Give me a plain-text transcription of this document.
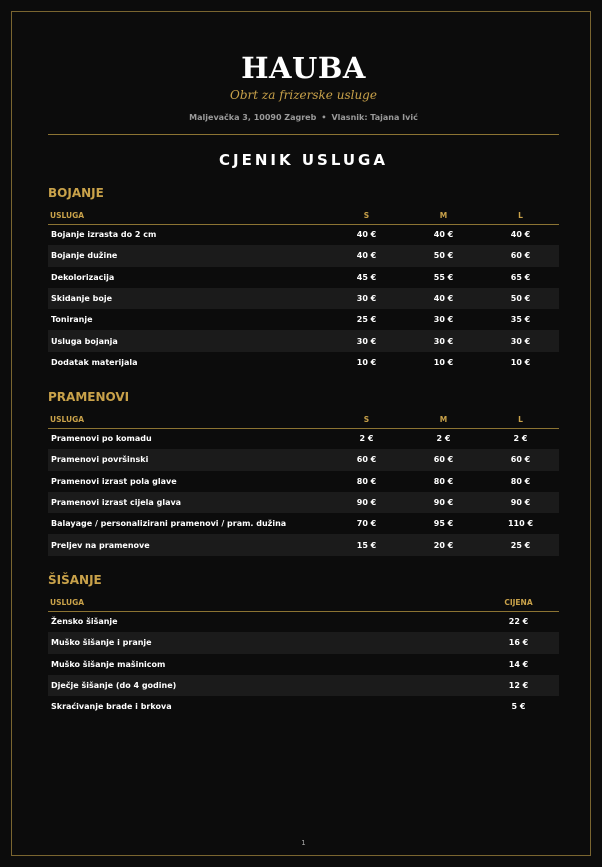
HAUBA
Obrt za frizerske usluge
Maljevačka 3, 10090 Zagreb • Vlasnik: Tajana Ivić
CJENIK USLUGA
BOJANJE
USLUGA	S	M	L
Bojanje izrasta do 2 cm	40 €	40 €	40 €
Bojanje dužine	40 €	50 €	60 €
Dekolorizacija	45 €	55 €	65 €
Skidanje boje	30 €	40 €	50 €
Toniranje	25 €	30 €	35 €
Usluga bojanja	30 €	30 €	30 €
Dodatak materijala	10 €	10 €	10 €
PRAMENOVI
USLUGA	S	M	L
Pramenovi po komadu	2 €	2 €	2 €
Pramenovi površinski	60 €	60 €	60 €
Pramenovi izrast pola glave	80 €	80 €	80 €
Pramenovi izrast cijela glava	90 €	90 €	90 €
Balayage / personalizirani pramenovi / pram. dužina	70 €	95 €	110 €
Preljev na pramenove	15 €	20 €	25 €
ŠIŠANJE
USLUGA	CIJENA
Žensko šišanje	22 €
Muško šišanje i pranje	16 €
Muško šišanje mašinicom	14 €
Dječje šišanje (do 4 godine)	12 €
Skraćivanje brade i brkova	5 €
1
